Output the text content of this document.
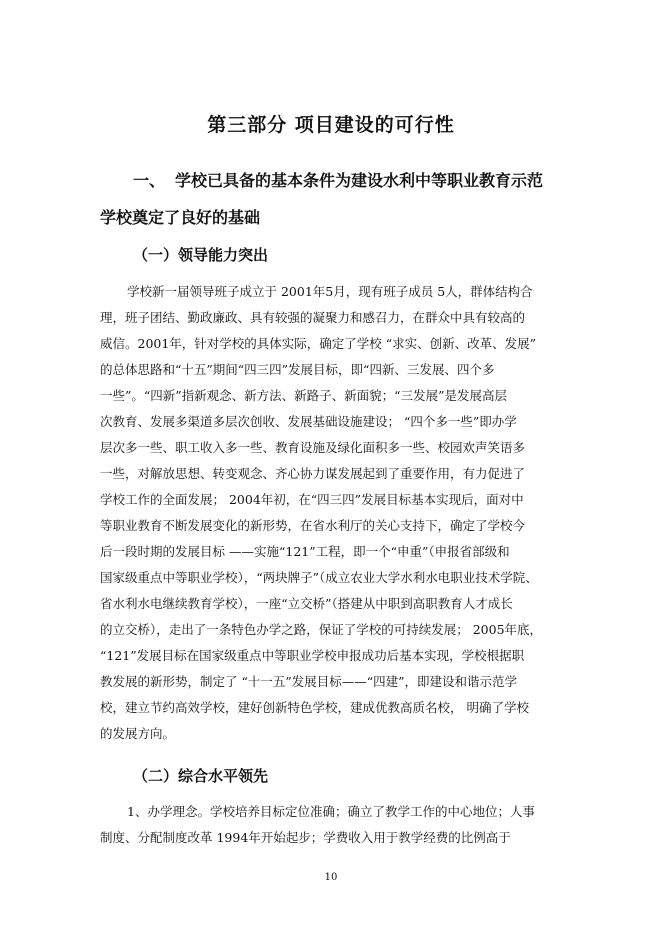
第三部分 项目建设的可行性

一、 学校已具备的基本条件为建设水利中等职业教育示范

学校奠定了良好的基础

（一）领导能力突出

学校新一届领导班子成立于 2001年5月，现有班子成员 5人，群体结构合

理，班子团结、勤政廉政、具有较强的凝聚力和感召力，在群众中具有较高的

威信。2001年，针对学校的具体实际，确定了学校 “求实、创新、改革、发展”

的总体思路和“十五”期间“四三四”发展目标，即“四新、三发展、四个多

一些”。“四新”指新观念、新方法、新路子、新面貌；“三发展”是发展高层

次教育、发展多渠道多层次创收、发展基础设施建设； “四个多一些”即办学

层次多一些、职工收入多一些、教育设施及绿化面积多一些、校园欢声笑语多

一些，对解放思想、转变观念、齐心协力谋发展起到了重要作用，有力促进了

学校工作的全面发展； 2004年初，在“四三四”发展目标基本实现后，面对中

等职业教育不断发展变化的新形势，在省水利厅的关心支持下，确定了学校今

后一段时期的发展目标 ——实施“121”工程，即一个“申重”（申报省部级和

国家级重点中等职业学校），“两块牌子”（成立农业大学水利水电职业技术学院、

省水利水电继续教育学校），一座“立交桥”（搭建从中职到高职教育人才成长

的立交桥），走出了一条特色办学之路，保证了学校的可持续发展； 2005年底，

“121”发展目标在国家级重点中等职业学校申报成功后基本实现，学校根据职

教发展的新形势，制定了 “十一五”发展目标——“四建”，即建设和谐示范学

校，建立节约高效学校，建好创新特色学校，建成优教高质名校， 明确了学校

的发展方向。

（二）综合水平领先

1、办学理念。学校培养目标定位准确；确立了教学工作的中心地位；人事

制度、分配制度改革 1994年开始起步；学费收入用于教学经费的比例高于

10
